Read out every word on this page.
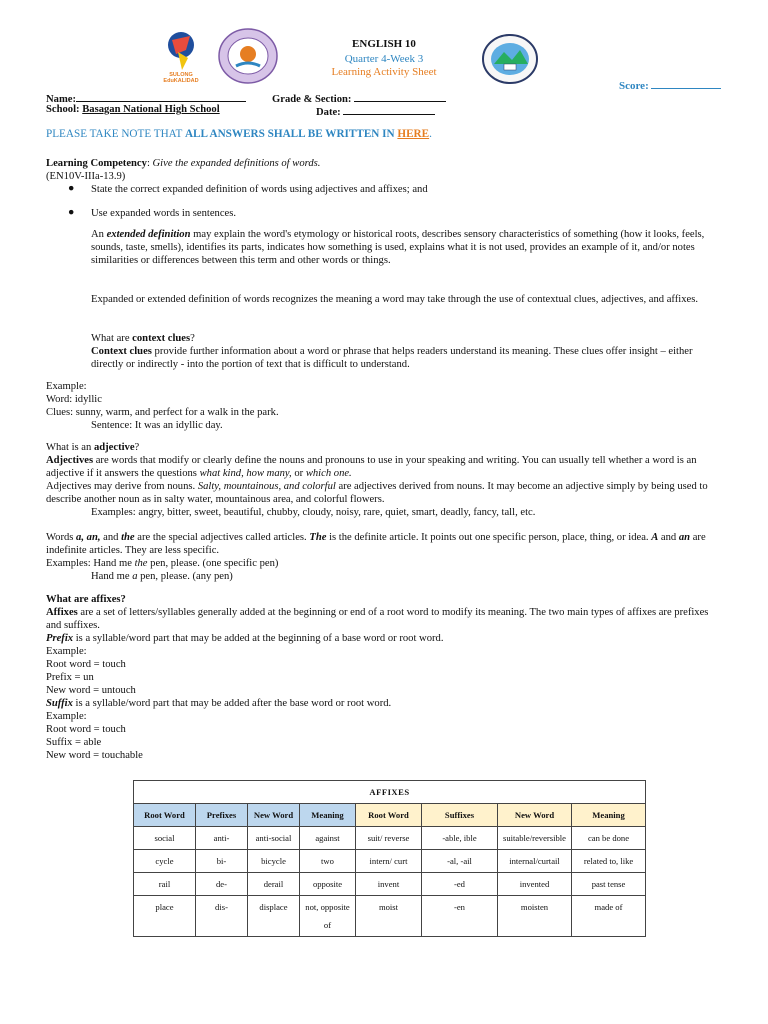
SULONG EduKALIDAD
ENGLISH 10
Quarter 4-Week 3
Learning Activity Sheet
Score:
Name:	Grade & Section:
School: Basagan National High School	Date:
PLEASE TAKE NOTE THAT ALL ANSWERS SHALL BE WRITTEN IN HERE.
Learning Competency: Give the expanded definitions of words.
(EN10V-IIIa-13.9)
● State the correct expanded definition of words using adjectives and affixes; and
● Use expanded words in sentences.

An extended definition may explain the word's etymology or historical roots, describes sensory characteristics of something (how it looks, feels, sounds, taste, smells), identifies its parts, indicates how something is used, explains what it is not used, provides an example of it, and/or notes similarities or differences between this term and other words or things.

Expanded or extended definition of words recognizes the meaning a word may take through the use of contextual clues, adjectives, and affixes.

What are context clues?

Context clues provide further information about a word or phrase that helps readers understand its meaning. These clues offer insight – either directly or indirectly - into the portion of text that is difficult to understand.

Example:
Word: idyllic
Clues: sunny, warm, and perfect for a walk in the park.
Sentence: It was an idyllic day.

What is an adjective?

Adjectives are words that modify or clearly define the nouns and pronouns to use in your speaking and writing. You can usually tell whether a word is an adjective if it answers the questions what kind, how many, or which one.

Adjectives may derive from nouns. Salty, mountainous, and colorful are adjectives derived from nouns. It may become an adjective simply by being used to describe another noun as in salty water, mountainous area, and colorful flowers.

Examples: angry, bitter, sweet, beautiful, chubby, cloudy, noisy, rare, quiet, smart, deadly, fancy, tall, etc.

Words a, an, and the are the special adjectives called articles. The is the definite article. It points out one specific person, place, thing, or idea. A and an are indefinite articles. They are less specific.

Examples: Hand me the pen, please. (one specific pen)

Hand me a pen, please. (any pen)

What are affixes?

Affixes are a set of letters/syllables generally added at the beginning or end of a root word to modify its meaning. The two main types of affixes are prefixes and suffixes.

Prefix is a syllable/word part that may be added at the beginning of a base word or root word.

Example:
Root word = touch
Prefix = un
New word = untouch

Suffix is a syllable/word part that may be added after the base word or root word.

Example:
Root word = touch
Suffix = able
New word = touchable
AFFIXES							
Root Word	Prefixes	New Word	Meaning	Root Word	Suffixes	New Word	Meaning
social	anti-	anti-social	against	suit/ reverse	-able, ible	suitable/reversible	can be done
cycle	bi-	bicycle	two	intern/ curt	-al, -ail	internal/curtail	related to, like
rail	de-	derail	opposite	invent	-ed	invented	past tense
place	dis-	displace	not, opposite of	moist	-en	moisten	made of
